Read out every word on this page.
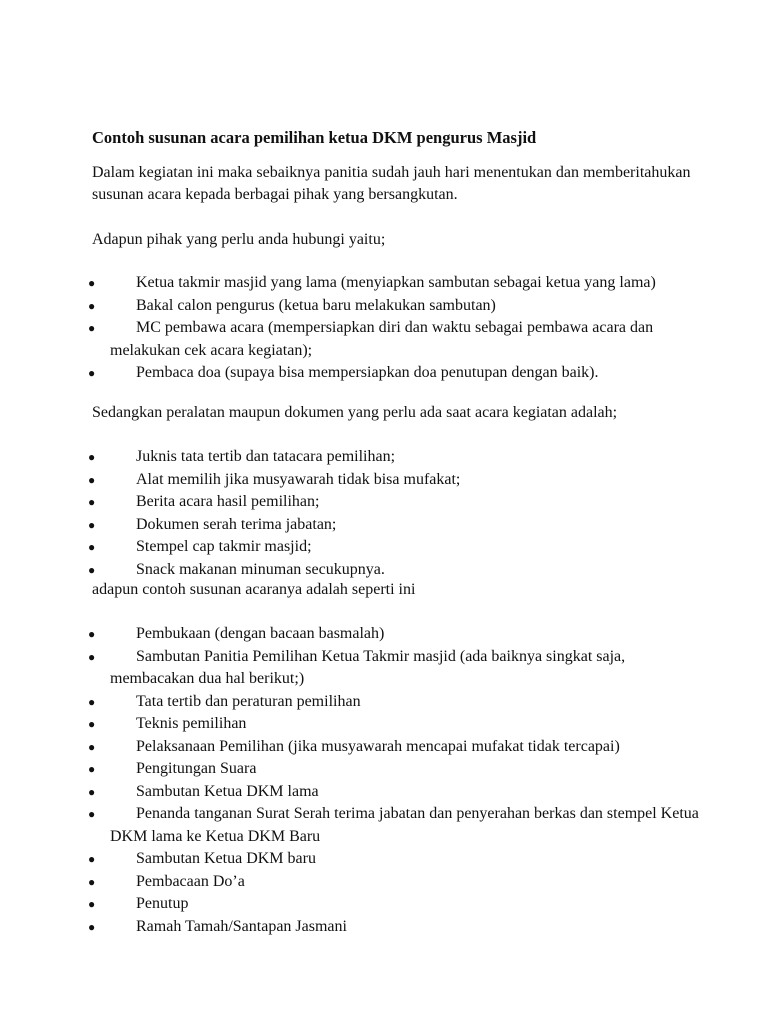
Contoh susunan acara pemilihan ketua DKM pengurus Masjid

Dalam kegiatan ini maka sebaiknya panitia sudah jauh hari menentukan dan memberitahukan susunan acara kepada berbagai pihak yang bersangkutan.

Adapun pihak yang perlu anda hubungi yaitu;

●	Ketua takmir masjid yang lama (menyiapkan sambutan sebagai ketua yang lama)
●	Bakal calon pengurus (ketua baru melakukan sambutan)
●	MC pembawa acara (mempersiapkan diri dan waktu sebagai pembawa acara dan melakukan cek acara kegiatan);
●	Pembaca doa (supaya bisa mempersiapkan doa penutupan dengan baik).

Sedangkan peralatan maupun dokumen yang perlu ada saat acara kegiatan adalah;

●	Juknis tata tertib dan tatacara pemilihan;
●	Alat memilih jika musyawarah tidak bisa mufakat;
●	Berita acara hasil pemilihan;
●	Dokumen serah terima jabatan;
●	Stempel cap takmir masjid;
●	Snack makanan minuman secukupnya.

adapun contoh susunan acaranya adalah seperti ini

●	Pembukaan (dengan bacaan basmalah)
●	Sambutan Panitia Pemilihan Ketua Takmir masjid (ada baiknya singkat saja, membacakan dua hal berikut;)
●	Tata tertib dan peraturan pemilihan
●	Teknis pemilihan
●	Pelaksanaan Pemilihan (jika musyawarah mencapai mufakat tidak tercapai)
●	Pengitungan Suara
●	Sambutan Ketua DKM lama
●	Penanda tanganan Surat Serah terima jabatan dan penyerahan berkas dan stempel Ketua DKM lama ke Ketua DKM Baru
●	Sambutan Ketua DKM baru
●	Pembacaan Do’a
●	Penutup
●	Ramah Tamah/Santapan Jasmani
